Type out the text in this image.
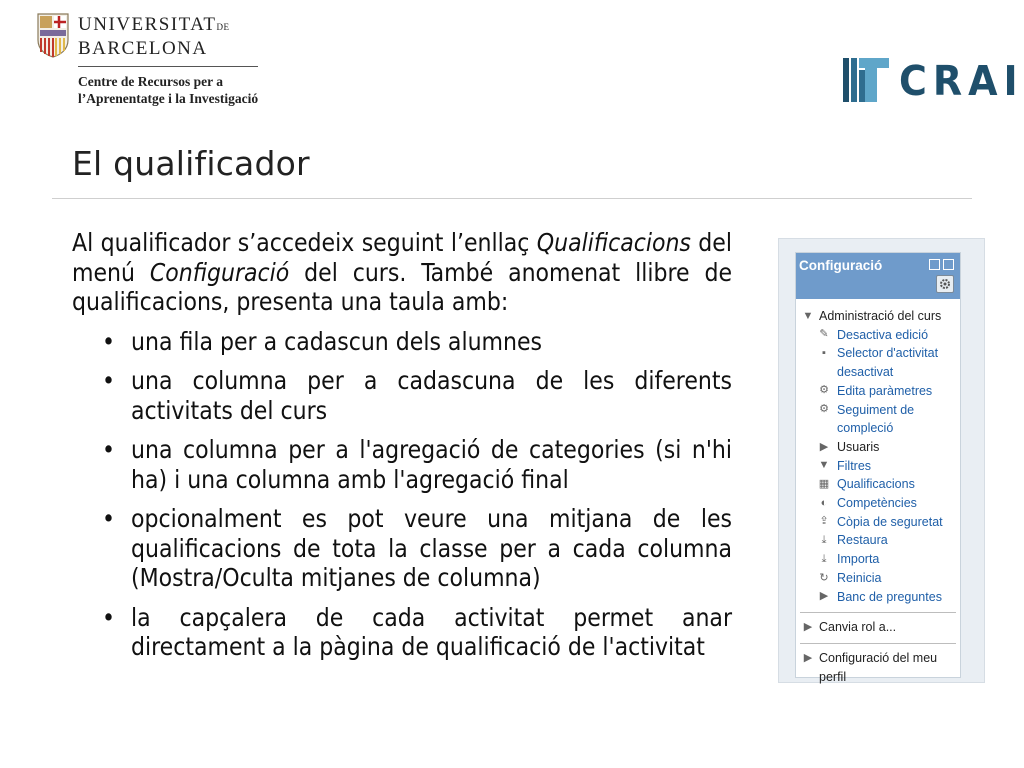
UNIVERSITATDE
BARCELONA
Centre de Recursos per a
l’Aprenentatge i la Investigació	CRAI
El qualificador

Al qualificador s’accedeix seguint l’enllaç Qualificacions del menú Configuració del curs. També anomenat llibre de qualificacions, presenta una taula amb:

• una fila per a cadascun dels alumnes
• una columna per a cadascuna de les diferents activitats del curs
• una columna per a l'agregació de categories (si n'hi ha) i una columna amb l'agregació final
• opcionalment es pot veure una mitjana de les qualificacions de tota la classe per a cada columna (Mostra/Oculta mitjanes de columna)
• la capçalera de cada activitat permet anar directament a la pàgina de qualificació de l'activitat
Configuració
▼ Administració del curs
✎ Desactiva edició
▪ Selector d'activitat desactivat
⚙ Edita paràmetres
⚙ Seguiment de compleció
▶ Usuaris
▼ Filtres
▦ Qualificacions
◐ Competències
⇪ Còpia de seguretat
⤓ Restaura
⤓ Importa
↻ Reinicia
▶ Banc de preguntes
▶ Canvia rol a...
▶ Configuració del meu perfil
